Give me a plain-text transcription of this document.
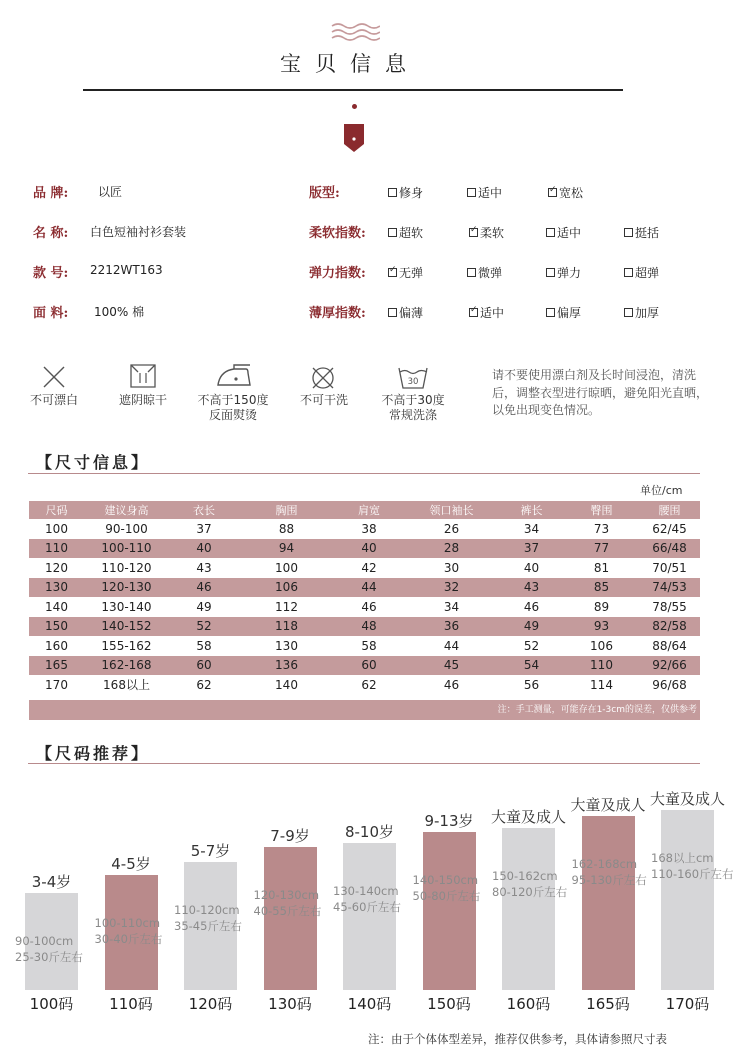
宝贝信息
品 牌: 以匠
名 称: 白色短袖衬衫套装
款 号: 2212WT163
面 料: 100% 棉
版型:	修身	适中 ✓	宽松
柔软指数:	超软 ✓	柔软	适中	挺括
弹力指数: ✓	无弹	微弹	弹力	超弹
薄厚指数:	偏薄 ✓	适中	偏厚	加厚
不可漂白	遮阴晾干	不高于150度
反面熨烫
不可干洗
30
不高于30度
常规洗涤
请不要使用漂白剂及长时间浸泡，清洗后，调整衣型进行晾晒，避免阳光直晒，以免出现变色情况。
【尺寸信息】
单位/cm
尺码	建议身高	衣长	胸围	肩宽	领口袖长	裤长	臀围	腰围
100	90-100	37	88	38	26	34	73	62/45
110	100-110	40	94	40	28	37	77	66/48
120	110-120	43	100	42	30	40	81	70/51
130	120-130	46	106	44	32	43	85	74/53
140	130-140	49	112	46	34	46	89	78/55
150	140-152	52	118	48	36	49	93	82/58
160	155-162	58	130	58	44	52	106	88/64
165	162-168	60	136	60	45	54	110	92/66
170	168以上	62	140	62	46	56	114	96/68
注：手工测量，可能存在1-3cm的误差，仅供参考
【尺码推荐】
3-4岁
90-100cm
25-30斤左右
100码
4-5岁
100-110cm
30-40斤左右
110码
5-7岁
110-120cm
35-45斤左右
120码
7-9岁
120-130cm
40-55斤左右
130码
8-10岁
130-140cm
45-60斤左右
140码
9-13岁
140-150cm
50-80斤左右
150码
大童及成人
150-162cm
80-120斤左右
160码
大童及成人
162-168cm
95-130斤左右
165码
大童及成人
168以上cm
110-160斤左右
170码
注：由于个体体型差异，推荐仅供参考，具体请参照尺寸表
